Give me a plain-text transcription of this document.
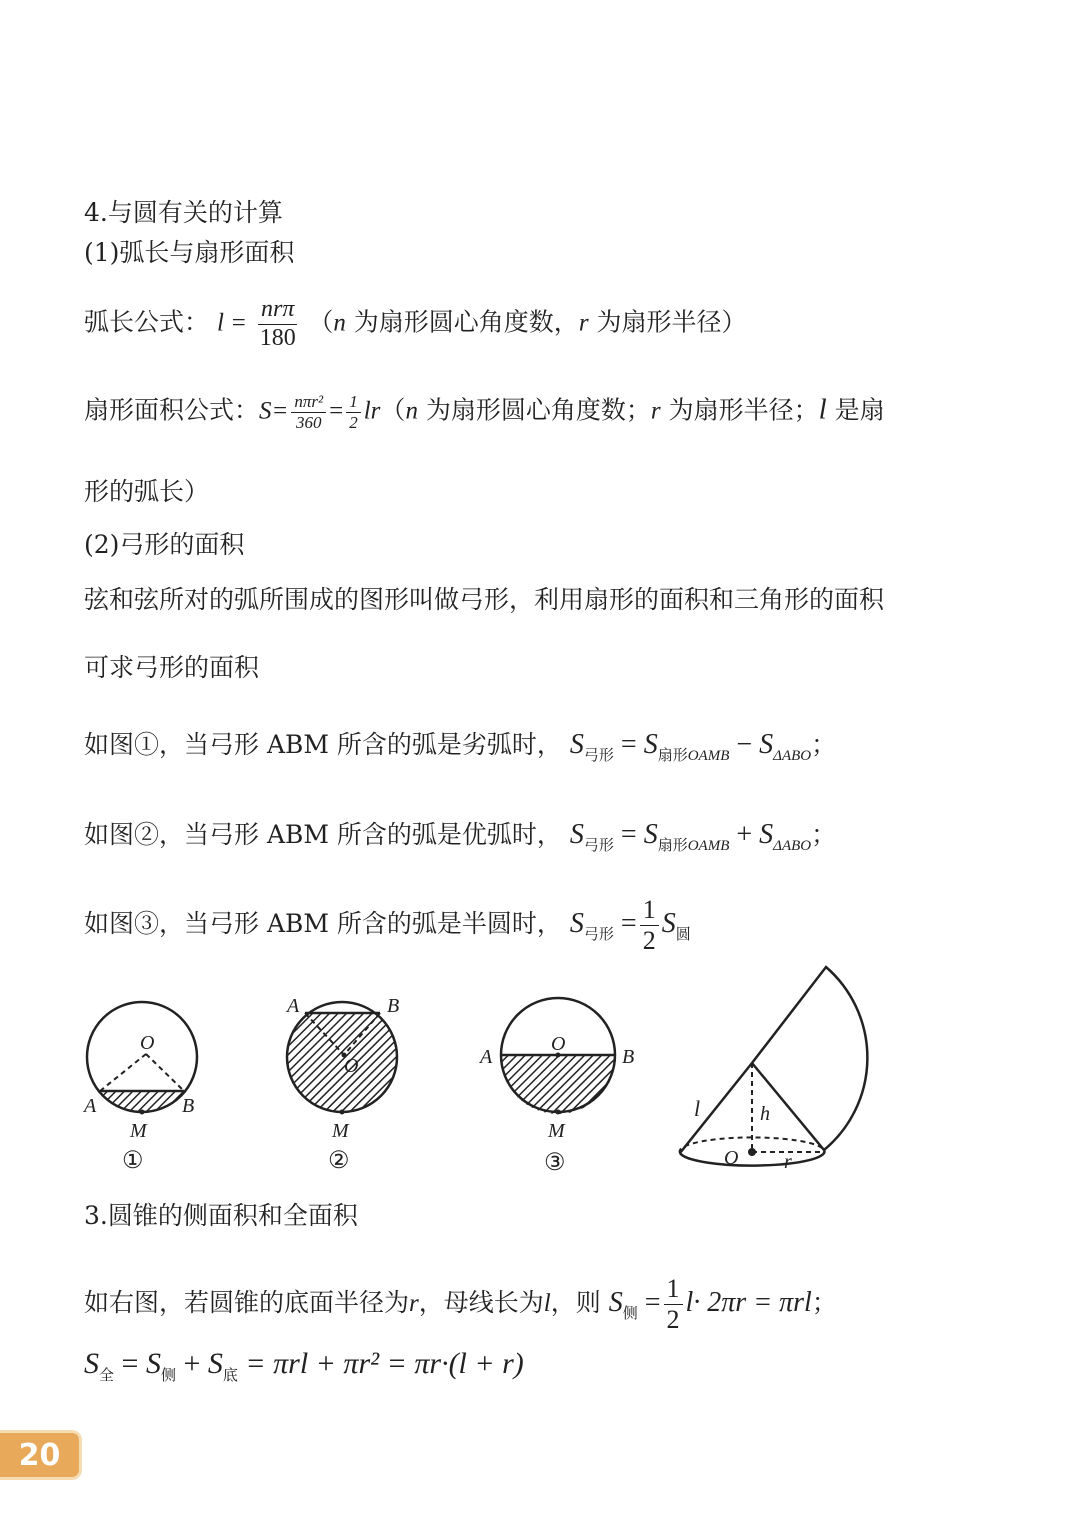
4.与圆有关的计算
(1)弧长与扇形面积
弧长公式： $l = \frac{\text{nrπ}}{180} (n$ 为扇形圆心角度数，r 为扇形半径）
扇形面积公式：$S= \frac{\text{nπr²}}{360} = \frac{1}{2} lr(n$ 为扇形圆心角度数；r 为扇形半径；l 是扇
形的弧长）
(2)弓形的面积
弦和弦所对的弧所围成的图形叫做弓形，利用扇形的面积和三角形的面积
可求弓形的面积
如图①，当弓形 ABM 所含的弧是劣弧时， $S_{弓形} = S_{扇形OAMB} - S_{\Delta ABO}$；
如图②，当弓形 ABM 所含的弧是优弧时， $S_{弓形} = S_{扇形OAMB} + S_{\Delta ABO}$；
如图③，当弓形 ABM 所含的弧是半圆时， $S_{弓形} = \frac{1}{2} S_圆$
O
A	B
M
①
O
A	B
M
②
O
A	B
M
③
l	h
O r
3.圆锥的侧面积和全面积
如右图，若圆锥的底面半径为r，母线长为l，则 $S_侧 = \frac{1}{2} l\cdot 2\pi r = \pi rl$；
$S_全 = S_侧 + S_底 = \pi rl + \pi r^2 = \pi r\cdot(l + r)$
20
